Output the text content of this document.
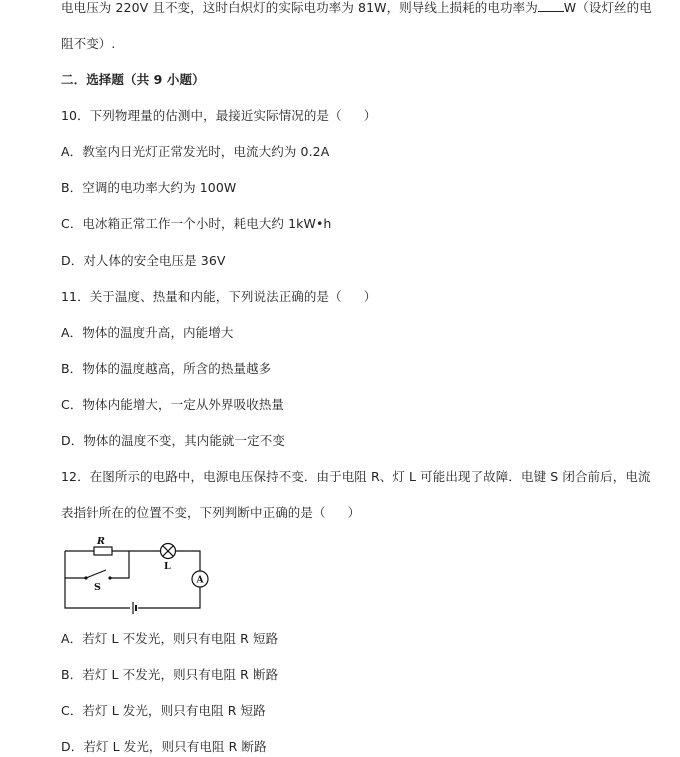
电电压为 220V 且不变，这时白炽灯的实际电功率为 81W，则导线上损耗的电功率为 W（设灯丝的电
阻不变）.
二．选择题（共 9 小题）
10．下列物理量的估测中，最接近实际情况的是（ ）
A．教室内日光灯正常发光时，电流大约为 0.2A
B．空调的电功率大约为 100W
C．电冰箱正常工作一个小时，耗电大约 1kW•h
D．对人体的安全电压是 36V
11．关于温度、热量和内能，下列说法正确的是（ ）
A．物体的温度升高，内能增大
B．物体的温度越高，所含的热量越多
C．物体内能增大，一定从外界吸收热量
D．物体的温度不变，其内能就一定不变
12．在图所示的电路中，电源电压保持不变．由于电阻 R、灯 L 可能出现了故障．电键 S 闭合前后，电流
表指针所在的位置不变，下列判断中正确的是（ ）
R
L
A
S
A．若灯 L 不发光，则只有电阻 R 短路
B．若灯 L 不发光，则只有电阻 R 断路
C．若灯 L 发光，则只有电阻 R 短路
D．若灯 L 发光，则只有电阻 R 断路
